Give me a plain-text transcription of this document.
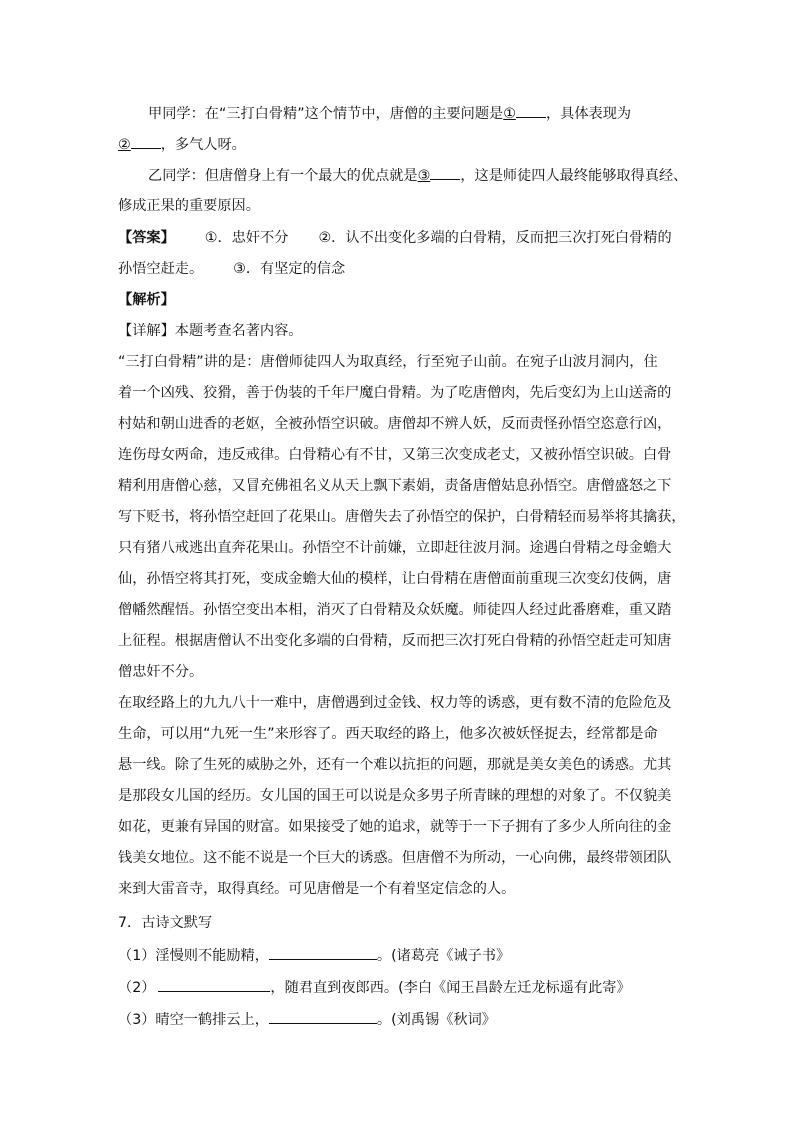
甲同学：在“三打白骨精”这个情节中，唐僧的主要问题是① ，具体表现为
② ，多气人呀。
乙同学：但唐僧身上有一个最大的优点就是③ ，这是师徒四人最终能够取得真经、
修成正果的重要原因。
【答案】 ①．忠奸不分 ②．认不出变化多端的白骨精，反而把三次打死白骨精的
孙悟空赶走。 ③．有坚定的信念
【解析】
【详解】本题考查名著内容。
“三打白骨精”讲的是：唐僧师徒四人为取真经，行至宛子山前。在宛子山波月洞内，住
着一个凶残、狡猾，善于伪装的千年尸魔白骨精。为了吃唐僧肉，先后变幻为上山送斋的
村姑和朝山进香的老妪，全被孙悟空识破。唐僧却不辨人妖，反而责怪孙悟空恣意行凶，
连伤母女两命，违反戒律。白骨精心有不甘，又第三次变成老丈，又被孙悟空识破。白骨
精利用唐僧心慈，又冒充佛祖名义从天上飘下素娟，责备唐僧姑息孙悟空。唐僧盛怒之下
写下贬书，将孙悟空赶回了花果山。唐僧失去了孙悟空的保护，白骨精轻而易举将其擒获，
只有猪八戒逃出直奔花果山。孙悟空不计前嫌，立即赶往波月洞。途遇白骨精之母金蟾大
仙，孙悟空将其打死，变成金蟾大仙的模样，让白骨精在唐僧面前重现三次变幻伎俩，唐
僧幡然醒悟。孙悟空变出本相，消灭了白骨精及众妖魔。师徒四人经过此番磨难，重又踏
上征程。根据唐僧认不出变化多端的白骨精，反而把三次打死白骨精的孙悟空赶走可知唐
僧忠奸不分。
在取经路上的九九八十一难中，唐僧遇到过金钱、权力等的诱惑，更有数不清的危险危及
生命，可以用“九死一生”来形容了。西天取经的路上，他多次被妖怪捉去，经常都是命
悬一线。除了生死的威胁之外，还有一个难以抗拒的问题，那就是美女美色的诱惑。尤其
是那段女儿国的经历。女儿国的国王可以说是众多男子所青睐的理想的对象了。不仅貌美
如花，更兼有异国的财富。如果接受了她的追求，就等于一下子拥有了多少人所向往的金
钱美女地位。这不能不说是一个巨大的诱惑。但唐僧不为所动，一心向佛，最终带领团队
来到大雷音寺，取得真经。可见唐僧是一个有着坚定信念的人。
7．古诗文默写
（1）淫慢则不能励精，	。(诸葛亮《诫子书》
（2）	，随君直到夜郎西。(李白《闻王昌龄左迁龙标遥有此寄》
（3）晴空一鹤排云上，	。(刘禹锡《秋词》
